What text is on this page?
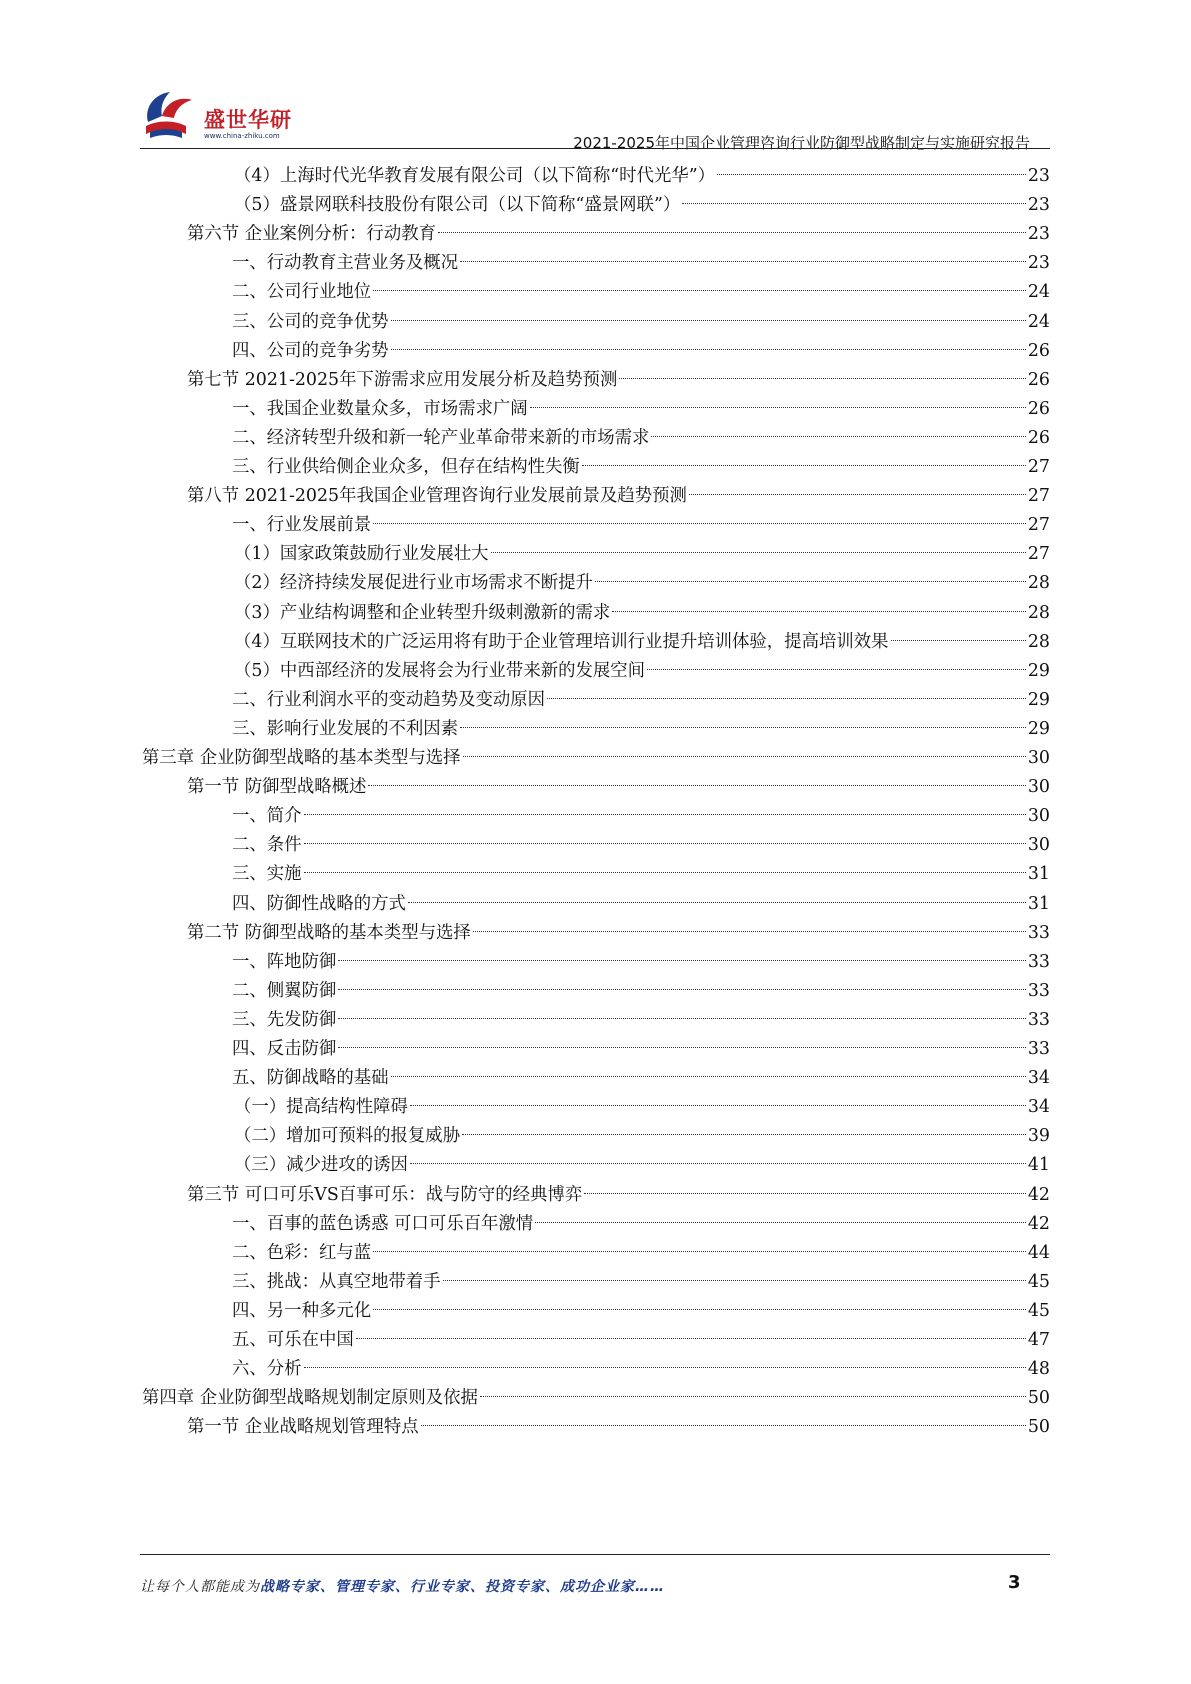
盛世华研
www.china-zhiku.com	2021-2025年中国企业管理咨询行业防御型战略制定与实施研究报告
（4）上海时代光华教育发展有限公司（以下简称“时代光华”）	23
（5）盛景网联科技股份有限公司（以下简称“盛景网联”）	23
第六节 企业案例分析：行动教育	23
一、行动教育主营业务及概况	23
二、公司行业地位	24
三、公司的竞争优势	24
四、公司的竞争劣势	26
第七节 2021-2025年下游需求应用发展分析及趋势预测	26
一、我国企业数量众多，市场需求广阔	26
二、经济转型升级和新一轮产业革命带来新的市场需求	26
三、行业供给侧企业众多，但存在结构性失衡	27
第八节 2021-2025年我国企业管理咨询行业发展前景及趋势预测	27
一、行业发展前景	27
（1）国家政策鼓励行业发展壮大	27
（2）经济持续发展促进行业市场需求不断提升	28
（3）产业结构调整和企业转型升级刺激新的需求	28
（4）互联网技术的广泛运用将有助于企业管理培训行业提升培训体验，提高培训效果	28
（5）中西部经济的发展将会为行业带来新的发展空间	29
二、行业利润水平的变动趋势及变动原因	29
三、影响行业发展的不利因素	29
第三章 企业防御型战略的基本类型与选择	30
第一节 防御型战略概述	30
一、简介	30
二、条件	30
三、实施	31
四、防御性战略的方式	31
第二节 防御型战略的基本类型与选择	33
一、阵地防御	33
二、侧翼防御	33
三、先发防御	33
四、反击防御	33
五、防御战略的基础	34
（一）提高结构性障碍	34
（二）增加可预料的报复威胁	39
（三）减少进攻的诱因	41
第三节 可口可乐VS百事可乐：战与防守的经典博弈	42
一、百事的蓝色诱惑 可口可乐百年激情	42
二、色彩：红与蓝	44
三、挑战：从真空地带着手	45
四、另一种多元化	45
五、可乐在中国	47
六、分析	48
第四章 企业防御型战略规划制定原则及依据	50
第一节 企业战略规划管理特点	50
让每个人都能成为战略专家、管理专家、行业专家、投资专家、成功企业家……	3
